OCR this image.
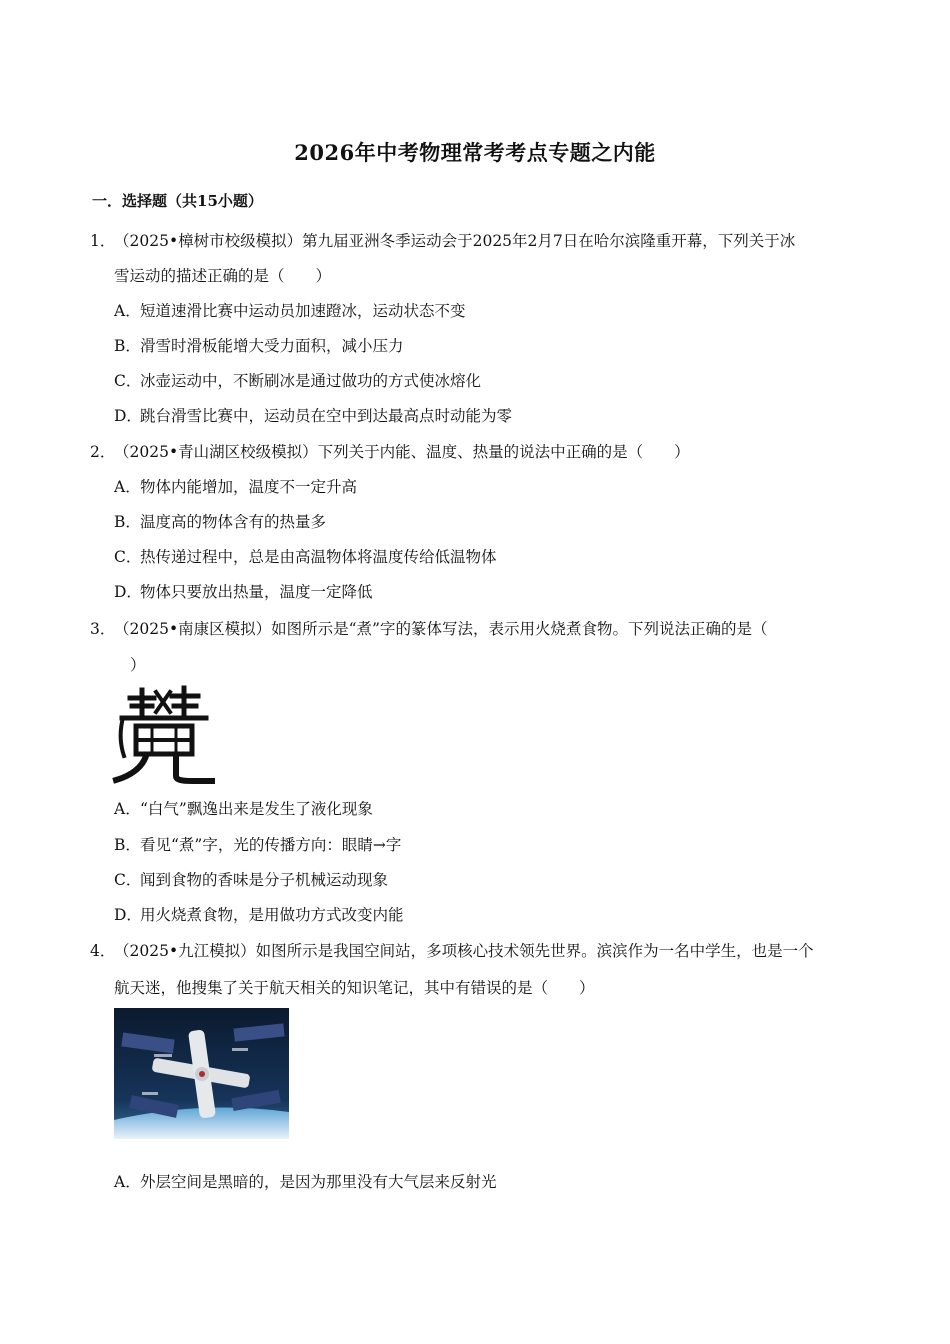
2026年中考物理常考考点专题之内能
一．选择题（共15小题）
1．
（2025•樟树市校级模拟）第九届亚洲冬季运动会于2025年2月7日在哈尔滨隆重开幕，下列关于冰
雪运动的描述正确的是（　　）
A．短道速滑比赛中运动员加速蹬冰，运动状态不变
B．滑雪时滑板能增大受力面积，减小压力
C．冰壶运动中，不断刷冰是通过做功的方式使冰熔化
D．跳台滑雪比赛中，运动员在空中到达最高点时动能为零
2．
（2025•青山湖区校级模拟）下列关于内能、温度、热量的说法中正确的是（　　）
A．物体内能增加，温度不一定升高
B．温度高的物体含有的热量多
C．热传递过程中，总是由高温物体将温度传给低温物体
D．物体只要放出热量，温度一定降低
3．
（2025•南康区模拟）如图所示是“煮”字的篆体写法，表示用火烧煮食物。下列说法正确的是（
）
A．“白气”飘逸出来是发生了液化现象
B．看见“煮”字，光的传播方向：眼睛→字
C．闻到食物的香味是分子机械运动现象
D．用火烧煮食物，是用做功方式改变内能
4．
（2025•九江模拟）如图所示是我国空间站，多项核心技术领先世界。滨滨作为一名中学生，也是一个
航天迷，他搜集了关于航天相关的知识笔记，其中有错误的是（　　）
A．外层空间是黑暗的，是因为那里没有大气层来反射光
